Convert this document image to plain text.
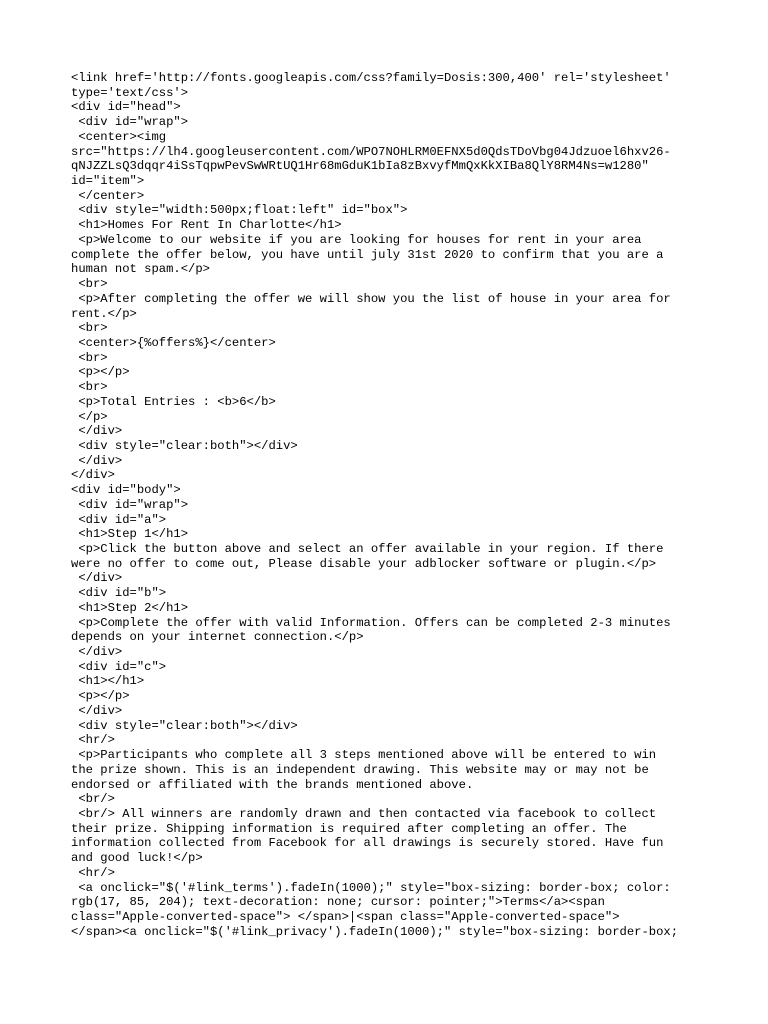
<link href='http://fonts.googleapis.com/css?family=Dosis:300,400' rel='stylesheet'
type='text/css'>
<div id="head">
<div id="wrap">
<center><img
src="https://lh4.googleusercontent.com/WPO7NOHLRM0EFNX5d0QdsTDoVbg04Jdzuoel6hxv26-
qNJZZLsQ3dqqr4iSsTqpwPevSwWRtUQ1Hr68mGduK1bIa8zBxvyfMmQxKkXIBa8QlY8RM4Ns=w1280"
id="item">
</center>
<div style="width:500px;float:left" id="box">
<h1>Homes For Rent In Charlotte</h1>
<p>Welcome to our website if you are looking for houses for rent in your area
complete the offer below, you have until july 31st 2020 to confirm that you are a
human not spam.</p>
<br>
<p>After completing the offer we will show you the list of house in your area for
rent.</p>
<br>
<center>{%offers%}</center>
<br>
<p></p>
<br>
<p>Total Entries : <b>6</b>
</p>
</div>
<div style="clear:both"></div>
</div>
</div>
<div id="body">
<div id="wrap">
<div id="a">
<h1>Step 1</h1>
<p>Click the button above and select an offer available in your region. If there
were no offer to come out, Please disable your adblocker software or plugin.</p>
</div>
<div id="b">
<h1>Step 2</h1>
<p>Complete the offer with valid Information. Offers can be completed 2-3 minutes
depends on your internet connection.</p>
</div>
<div id="c">
<h1></h1>
<p></p>
</div>
<div style="clear:both"></div>
<hr/>
<p>Participants who complete all 3 steps mentioned above will be entered to win
the prize shown. This is an independent drawing. This website may or may not be
endorsed or affiliated with the brands mentioned above.
<br/>
<br/> All winners are randomly drawn and then contacted via facebook to collect
their prize. Shipping information is required after completing an offer. The
information collected from Facebook for all drawings is securely stored. Have fun
and good luck!</p>
<hr/>
<a onclick="$('#link_terms').fadeIn(1000);" style="box-sizing: border-box; color:
rgb(17, 85, 204); text-decoration: none; cursor: pointer;">Terms</a><span
class="Apple-converted-space"> </span>|<span class="Apple-converted-space">
</span><a onclick="$('#link_privacy').fadeIn(1000);" style="box-sizing: border-box;
